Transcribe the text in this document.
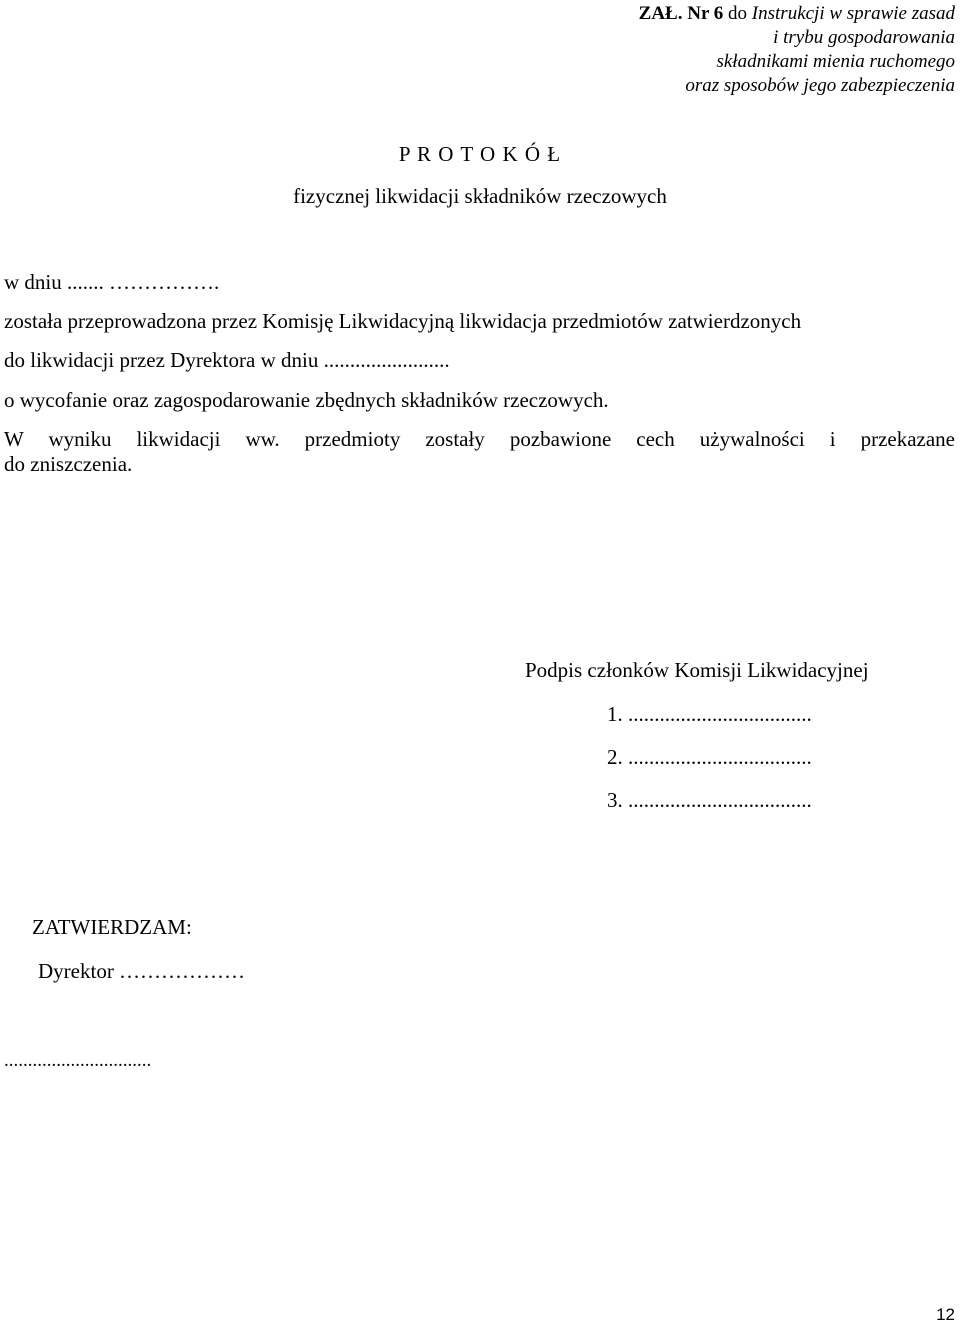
ZAŁ. Nr 6 do Instrukcji w sprawie zasad
i trybu gospodarowania
składnikami mienia ruchomego
oraz sposobów jego zabezpieczenia
P R O T O K Ó Ł
fizycznej likwidacji składników rzeczowych
w dniu ....... …………….
została przeprowadzona przez Komisję Likwidacyjną likwidacja przedmiotów zatwierdzonych
do likwidacji przez Dyrektora w dniu ........................
o wycofanie oraz zagospodarowanie zbędnych składników rzeczowych.
W wyniku likwidacji ww. przedmioty zostały pozbawione cech używalności i przekazane
do zniszczenia.
Podpis członków Komisji Likwidacyjnej
1. ...................................
2. ...................................
3. ...................................
ZATWIERDZAM:
Dyrektor ………………
...............................
12
